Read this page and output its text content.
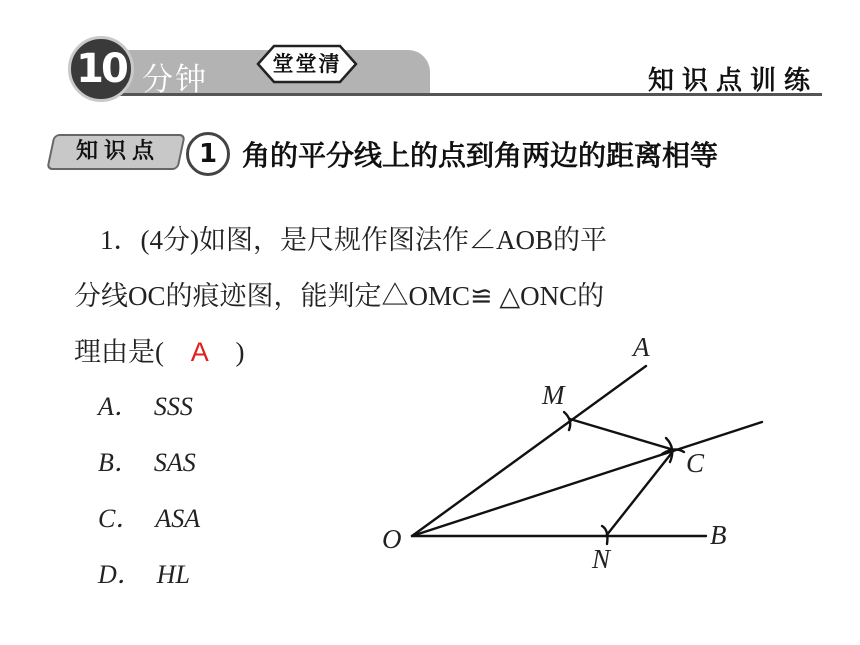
10 分钟	堂堂清
知识点训练
知识点	1 角的平分线上的点到角两边的距离相等
1．(4分)如图，是尺规作图法作∠AOB的平
分线OC的痕迹图，能判定△OMC≌ △ONC的
理由是( A )
A． SSS
B． SAS
C． ASA
D． HL
A
M
C
O
N
B
